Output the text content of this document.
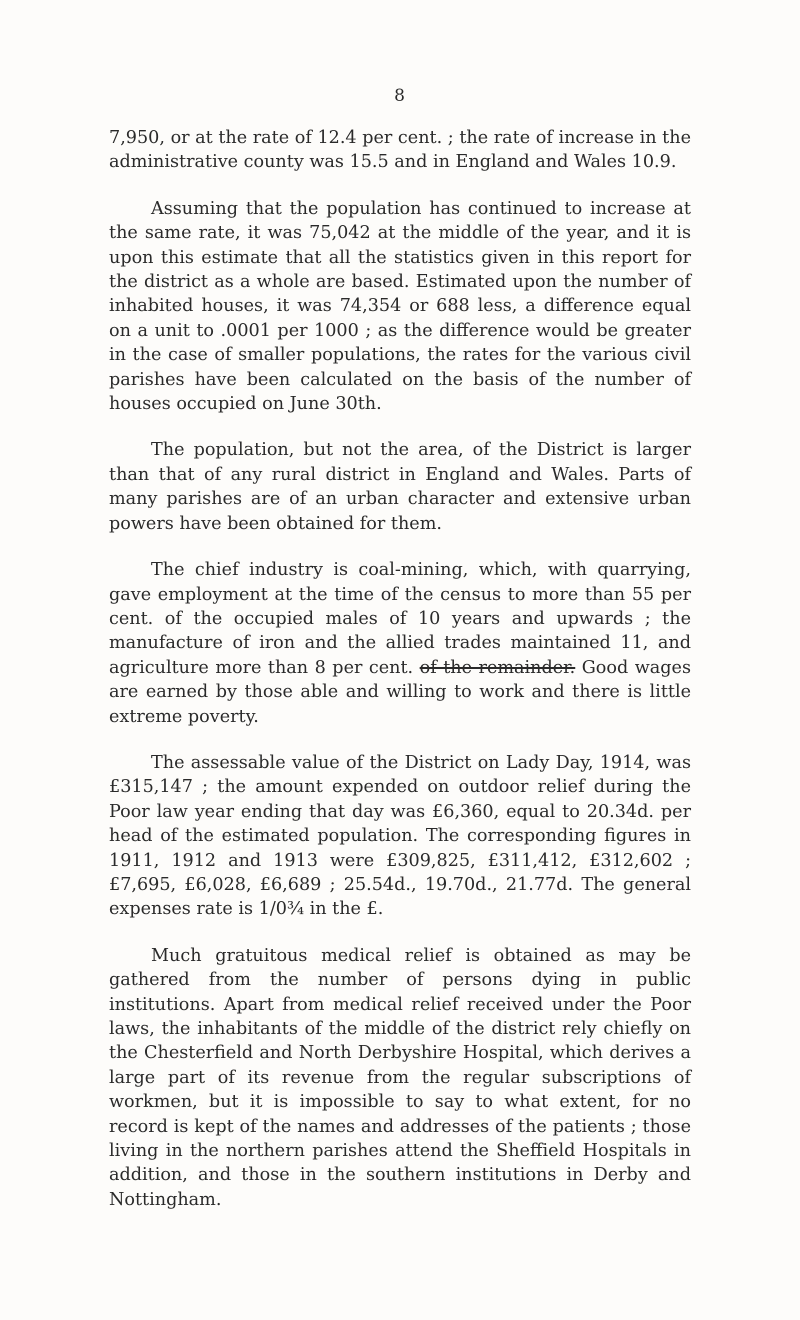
8

7,950, or at the rate of 12.4 per cent. ; the rate of increase in the administrative county was 15.5 and in England and Wales 10.9.

Assuming that the population has continued to increase at the same rate, it was 75,042 at the middle of the year, and it is upon this estimate that all the statistics given in this report for the district as a whole are based. Estimated upon the number of inhabited houses, it was 74,354 or 688 less, a difference equal on a unit to .0001 per 1000 ; as the difference would be greater in the case of smaller populations, the rates for the various civil parishes have been calculated on the basis of the number of houses occupied on June 30th.

The population, but not the area, of the District is larger than that of any rural district in England and Wales. Parts of many parishes are of an urban character and extensive urban powers have been obtained for them.

The chief industry is coal-mining, which, with quarrying, gave employment at the time of the census to more than 55 per cent. of the occupied males of 10 years and upwards ; the manufacture of iron and the allied trades maintained 11, and agriculture more than 8 per cent. of the remainder. Good wages are earned by those able and willing to work and there is little extreme poverty.

The assessable value of the District on Lady Day, 1914, was £315,147 ; the amount expended on outdoor relief during the Poor law year ending that day was £6,360, equal to 20.34d. per head of the estimated population. The corresponding figures in 1911, 1912 and 1913 were £309,825, £311,412, £312,602 ; £7,695, £6,028, £6,689 ; 25.54d., 19.70d., 21.77d. The general expenses rate is 1/0¾ in the £.

Much gratuitous medical relief is obtained as may be gathered from the number of persons dying in public institutions. Apart from medical relief received under the Poor laws, the inhabitants of the middle of the district rely chiefly on the Chesterfield and North Derbyshire Hospital, which derives a large part of its revenue from the regular subscriptions of workmen, but it is impossible to say to what extent, for no record is kept of the names and addresses of the patients ; those living in the northern parishes attend the Sheffield Hospitals in addition, and those in the southern institutions in Derby and Nottingham.
